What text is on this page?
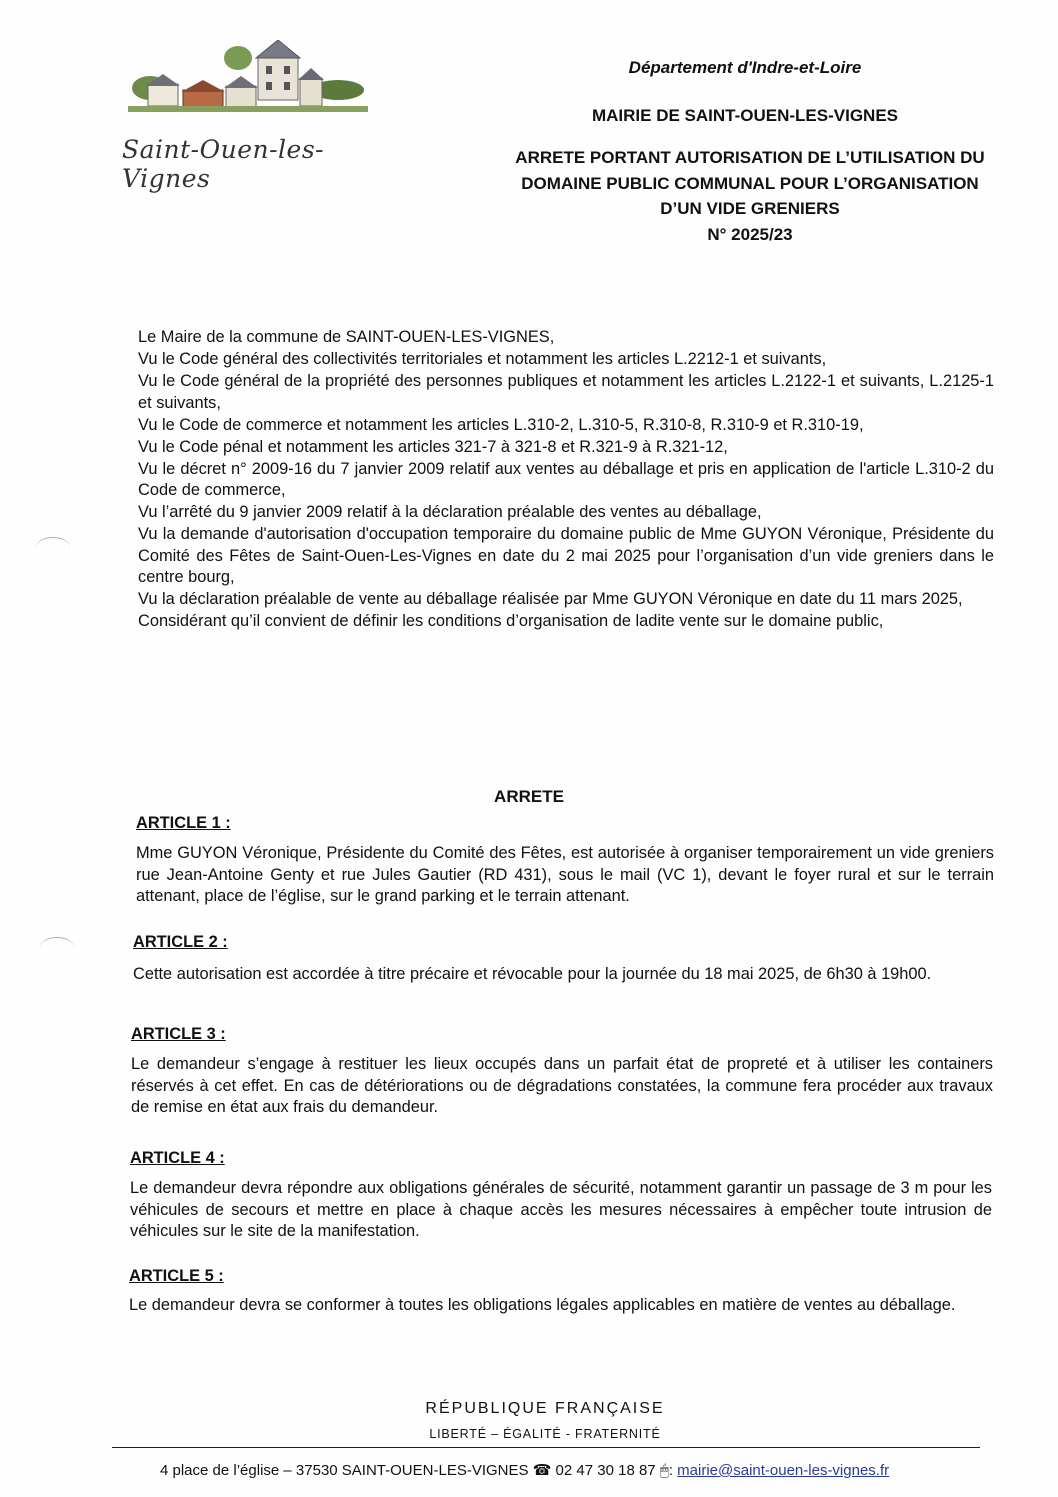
Saint-Ouen-les-Vignes
Département d'Indre-et-Loire
MAIRIE DE SAINT-OUEN-LES-VIGNES
ARRETE PORTANT AUTORISATION DE L’UTILISATION DU
DOMAINE PUBLIC COMMUNAL POUR L’ORGANISATION
D’UN VIDE GRENIERS
N° 2025/23

Le Maire de la commune de SAINT-OUEN-LES-VIGNES,

Vu le Code général des collectivités territoriales et notamment les articles L.2212-1 et suivants,

Vu le Code général de la propriété des personnes publiques et notamment les articles L.2122-1 et suivants, L.2125-1 et suivants,

Vu le Code de commerce et notamment les articles L.310-2, L.310-5, R.310-8, R.310-9 et R.310-19,

Vu le Code pénal et notamment les articles 321-7 à 321-8 et R.321-9 à R.321-12,

Vu le décret n° 2009-16 du 7 janvier 2009 relatif aux ventes au déballage et pris en application de l'article L.310-2 du Code de commerce,

Vu l’arrêté du 9 janvier 2009 relatif à la déclaration préalable des ventes au déballage,

Vu la demande d'autorisation d'occupation temporaire du domaine public de Mme GUYON Véronique, Présidente du Comité des Fêtes de Saint-Ouen-Les-Vignes en date du 2 mai 2025 pour l’organisation d’un vide greniers dans le centre bourg,

Vu la déclaration préalable de vente au déballage réalisée par Mme GUYON Véronique en date du 11 mars 2025,

Considérant qu’il convient de définir les conditions d’organisation de ladite vente sur le domaine public,

ARRETE
ARTICLE 1 :
Mme GUYON Véronique, Présidente du Comité des Fêtes, est autorisée à organiser temporairement un vide greniers rue Jean-Antoine Genty et rue Jules Gautier (RD 431), sous le mail (VC 1), devant le foyer rural et sur le terrain attenant, place de l’église, sur le grand parking et le terrain attenant.
ARTICLE 2 :
Cette autorisation est accordée à titre précaire et révocable pour la journée du 18 mai 2025, de 6h30 à 19h00.
ARTICLE 3 :
Le demandeur s’engage à restituer les lieux occupés dans un parfait état de propreté et à utiliser les containers réservés à cet effet. En cas de détériorations ou de dégradations constatées, la commune fera procéder aux travaux de remise en état aux frais du demandeur.
ARTICLE 4 :
Le demandeur devra répondre aux obligations générales de sécurité, notamment garantir un passage de 3 m pour les véhicules de secours et mettre en place à chaque accès les mesures nécessaires à empêcher toute intrusion de véhicules sur le site de la manifestation.
ARTICLE 5 :
Le demandeur devra se conformer à toutes les obligations légales applicables en matière de ventes au déballage.
RÉPUBLIQUE FRANÇAISE
LIBERTÉ – ÉGALITÉ - FRATERNITÉ
4 place de l’église – 37530 SAINT-OUEN-LES-VIGNES ☎ 02 47 30 18 87 🖱: mairie@saint-ouen-les-vignes.fr
